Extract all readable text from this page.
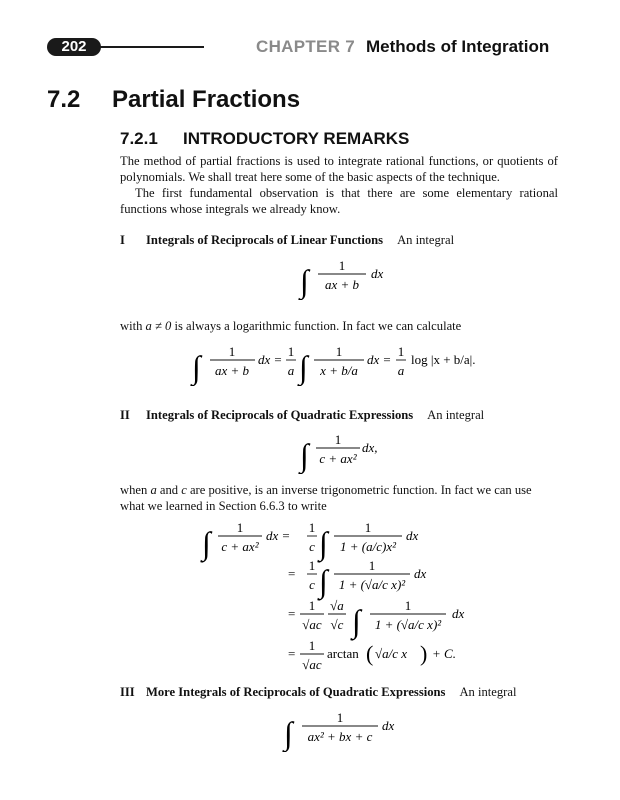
202	CHAPTER 7 Methods of Integration
7.2 Partial Fractions
7.2.1 INTRODUCTORY REMARKS
The method of partial fractions is used to integrate rational functions, or quotients of polynomials. We shall treat here some of the basic aspects of the technique.
The first fundamental observation is that there are some elementary rational functions whose integrals we already know.
I Integrals of Reciprocals of Linear Functions An integral
∫ 1
ax + b
dx
with a ≠ 0 is always a logarithmic function. In fact we can calculate
∫ 1
ax + b
dx =
1
a ∫ 1
x + b/a
dx =
1
a
log |x + b/a|.
II Integrals of Reciprocals of Quadratic Expressions An integral
∫ 1
c + ax²
dx,
when a and c are positive, is an inverse trigonometric function. In fact we can use
what we learned in Section 6.6.3 to write
∫ 1
c + ax²
dx =
1
c ∫	1
1 + (a/c)x²
dx
=
1
c ∫	1
1 + (√a/c x)²
dx
=
1
√ac
√a
√c ∫	1
1 + (√a/c x)²
dx
=
1
√ac
arctan ( √a/c x ) + C.
III More Integrals of Reciprocals of Quadratic Expressions An integral
∫	1
ax² + bx + c
dx
